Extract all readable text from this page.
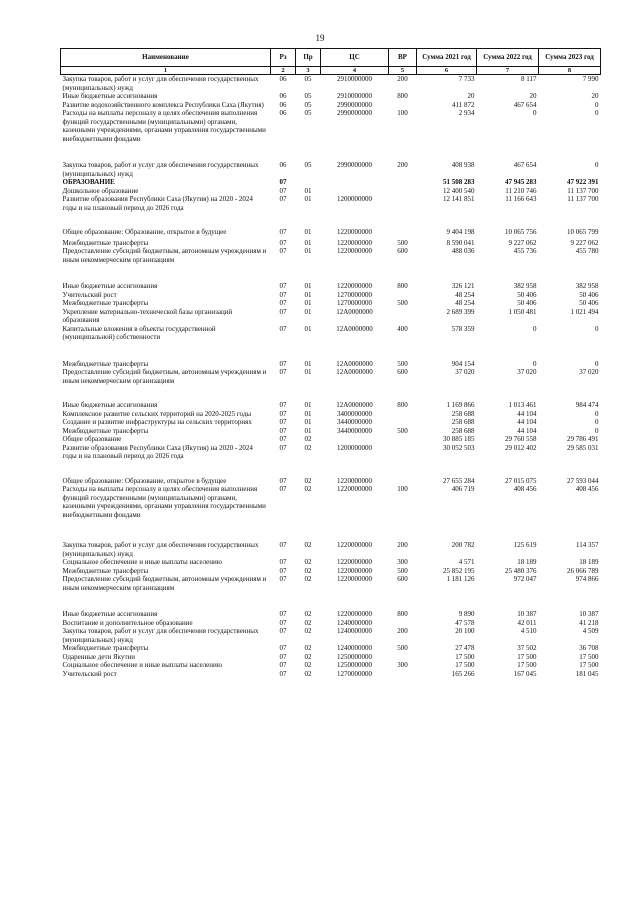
19
Наименование	Рз	Пр	ЦС	ВР	Сумма 2021 год	Сумма 2022 год	Сумма 2023 год
1	2	3	4	5	6	7	8
Закупка товаров, работ и услуг для обеспечения государственных (муниципальных) нужд	06	05	2910000000	200	7 733	8 117	7 990
Иные бюджетные ассигнования	06	05	2910000000	800	20	20	20
Развитие водохозяйственного комплекса Республики Саха (Якутия)	06	05	2990000000		411 872	467 654	0
Расходы на выплаты персоналу в целях обеспечения выполнения функций государственными (муниципальными) органами, казенными учреждениями, органами управления государственными внебюджетными фондами	06	05	2990000000	100	2 934	0	0
Закупка товаров, работ и услуг для обеспечения государственных (муниципальных) нужд	06	05	2990000000	200	408 938	467 654	0
ОБРАЗОВАНИЕ	07				51 508 283	47 945 283	47 922 391
Дошкольное образование	07	01			12 400 540	11 210 746	11 137 700
Развитие образования Республики Саха (Якутия) на 2020 - 2024 годы и на плановый период до 2026 года	07	01	1200000000		12 141 851	11 166 643	11 137 700
Общее образование: Образование, открытое в будущее	07	01	1220000000		9 404 198	10 065 756	10 065 799
Межбюджетные трансферты	07	01	1220000000	500	8 590 041	9 227 062	9 227 062
Предоставление субсидий бюджетным, автономным учреждениям и иным некоммерческим организациям	07	01	1220000000	600	488 036	455 736	455 780
Иные бюджетные ассигнования	07	01	1220000000	800	326 121	382 958	382 958
Учительский рост	07	01	1270000000		48 254	50 406	50 406
Межбюджетные трансферты	07	01	1270000000	500	48 254	50 406	50 406
Укрепление материально-технической базы организаций образования	07	01	12А0000000		2 689 399	1 050 481	1 021 494
Капитальные вложения в объекты государственной (муниципальной) собственности	07	01	12А0000000	400	578 359	0	0
Межбюджетные трансферты	07	01	12А0000000	500	904 154	0	0
Предоставление субсидий бюджетным, автономным учреждениям и иным некоммерческим организациям	07	01	12А0000000	600	37 020	37 020	37 020
Иные бюджетные ассигнования	07	01	12А0000000	800	1 169 866	1 013 461	984 474
Комплексное развитие сельских территорий на 2020-2025 годы	07	01	3400000000		258 688	44 104	0
Создание и развитие инфраструктуры на сельских территориях	07	01	3440000000		258 688	44 104	0
Межбюджетные трансферты	07	01	3440000000	500	258 688	44 104	0
Общее образование	07	02			30 885 185	29 760 558	29 786 491
Развитие образования Республики Саха (Якутия) на 2020 - 2024 годы и на плановый период до 2026 года	07	02	1200000000		30 052 503	29 012 402	29 585 031
Общее образование: Образование, открытое в будущее	07	02	1220000000		27 655 284	27 015 075	27 593 044
Расходы на выплаты персоналу в целях обеспечения выполнения функций государственными (муниципальными) органами, казенными учреждениями, органами управления государственными внебюджетными фондами	07	02	1220000000	100	406 719	408 456	408 456
Закупка товаров, работ и услуг для обеспечения государственных (муниципальных) нужд	07	02	1220000000	200	200 782	125 619	114 357
Социальное обеспечение и иные выплаты населению	07	02	1220000000	300	4 571	18 189	18 189
Межбюджетные трансферты	07	02	1220000000	500	25 852 195	25 480 376	26 066 789
Предоставление субсидий бюджетным, автономным учреждениям и иным некоммерческим организациям	07	02	1220000000	600	1 181 126	972 047	974 866
Иные бюджетные ассигнования	07	02	1220000000	800	9 890	10 387	10 387
Воспитание и дополнительное образование	07	02	1240000000		47 578	42 011	41 218
Закупка товаров, работ и услуг для обеспечения государственных (муниципальных) нужд	07	02	1240000000	200	20 100	4 510	4 509
Межбюджетные трансферты	07	02	1240000000	500	27 478	37 502	36 708
Одаренные дети Якутии	07	02	1250000000		17 500	17 500	17 500
Социальное обеспечение и иные выплаты населению	07	02	1250000000	300	17 500	17 500	17 500
Учительский рост	07	02	1270000000		165 266	167 045	181 045
